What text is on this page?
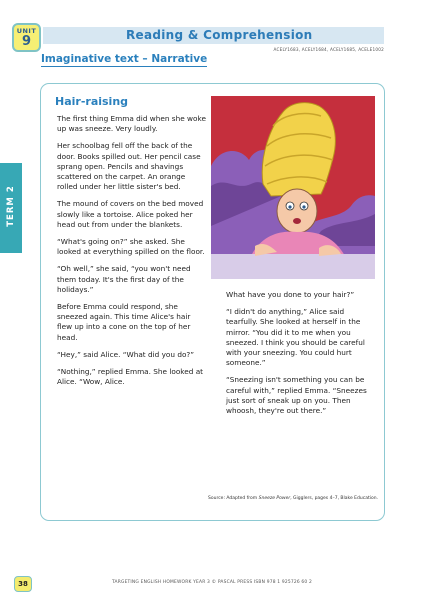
UNIT
9	Reading & Comprehension
ACELY1683, ACELY1684, ACELY1685, ACELE1002
Imaginative text – Narrative
TERM 2
Hair-raising

The first thing Emma did when she woke up was sneeze. Very loudly.

Her schoolbag fell off the back of the door. Books spilled out. Her pencil case sprang open. Pencils and shavings scattered on the carpet. An orange rolled under her little sister's bed.

The mound of covers on the bed moved slowly like a tortoise. Alice poked her head out from under the blankets.

“What's going on?” she asked. She looked at everything spilled on the floor.

“Oh well,” she said, “you won't need them today. It's the first day of the holidays.”

Before Emma could respond, she sneezed again. This time Alice's hair flew up into a cone on the top of her head.

“Hey,” said Alice. “What did you do?”

“Nothing,” replied Emma. She looked at Alice. “Wow, Alice.

What have you done to your hair?”

“I didn't do anything,” Alice said tearfully. She looked at herself in the mirror. “You did it to me when you sneezed. I think you should be careful with your sneezing. You could hurt someone.”

“Sneezing isn't something you can be careful with,” replied Emma. “Sneezes just sort of sneak up on you. Then whoosh, they're out there.”

Source: Adapted from Sneeze Power, Gigglers, pages 4–7, Blake Education.
38	TARGETING ENGLISH HOMEWORK YEAR 3 © PASCAL PRESS ISBN 978 1 925726 60 2
